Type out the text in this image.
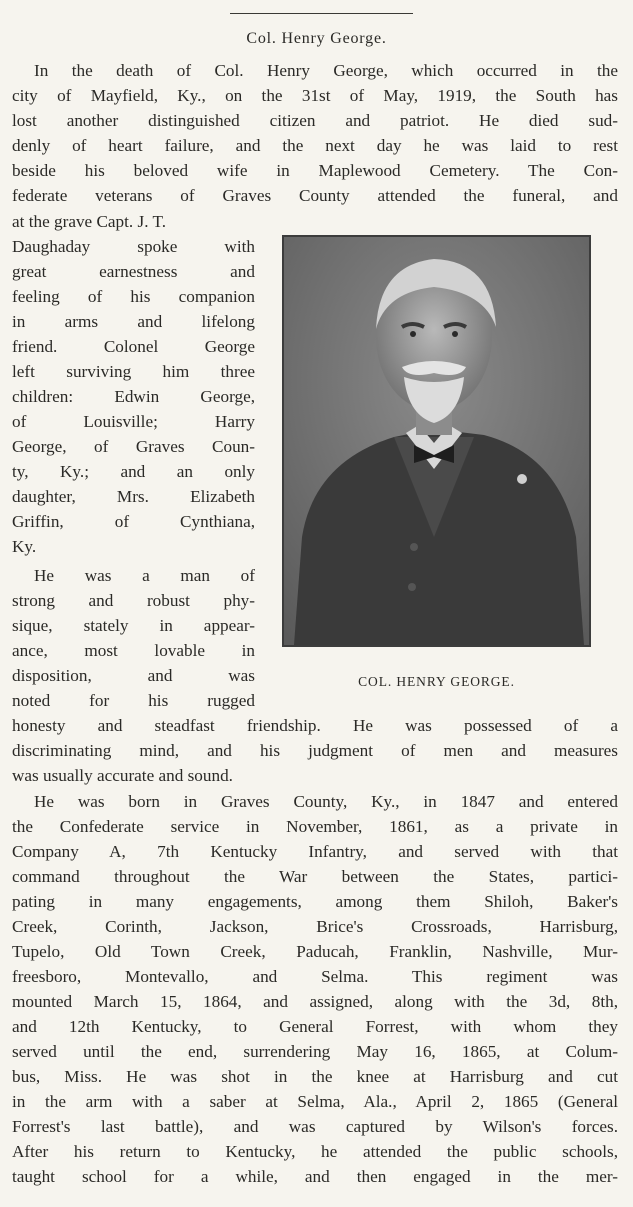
Col. Henry George.
In the death of Col. Henry George, which occurred in the
city of Mayfield, Ky., on the 31st of May, 1919, the South has
lost another distinguished citizen and patriot. He died sud-
denly of heart failure, and the next day he was laid to rest
beside his beloved wife in Maplewood Cemetery. The Con-
federate veterans of Graves County attended the funeral, and
at the grave Capt. J. T.
Daughaday spoke with
great earnestness and
feeling of his companion
in arms and lifelong
friend. Colonel George
left surviving him three
children: Edwin George,
of Louisville; Harry
George, of Graves Coun-
ty, Ky.; and an only
daughter, Mrs. Elizabeth
Griffin, of Cynthiana,
Ky.
He was a man of
strong and robust phy-
sique, stately in appear-
ance, most lovable in
disposition, and was
noted for his rugged
honesty and steadfast friendship. He was possessed of a
discriminating mind, and his judgment of men and measures
was usually accurate and sound.
He was born in Graves County, Ky., in 1847 and entered
the Confederate service in November, 1861, as a private in
Company A, 7th Kentucky Infantry, and served with that
command throughout the War between the States, partici-
pating in many engagements, among them Shiloh, Baker's
Creek, Corinth, Jackson, Brice's Crossroads, Harrisburg,
Tupelo, Old Town Creek, Paducah, Franklin, Nashville, Mur-
freesboro, Montevallo, and Selma. This regiment was
mounted March 15, 1864, and assigned, along with the 3d, 8th,
and 12th Kentucky, to General Forrest, with whom they
served until the end, surrendering May 16, 1865, at Colum-
bus, Miss. He was shot in the knee at Harrisburg and cut
in the arm with a saber at Selma, Ala., April 2, 1865 (General
Forrest's last battle), and was captured by Wilson's forces.
After his return to Kentucky, he attended the public schools,
taught school for a while, and then engaged in the mer-
COL. HENRY GEORGE.
